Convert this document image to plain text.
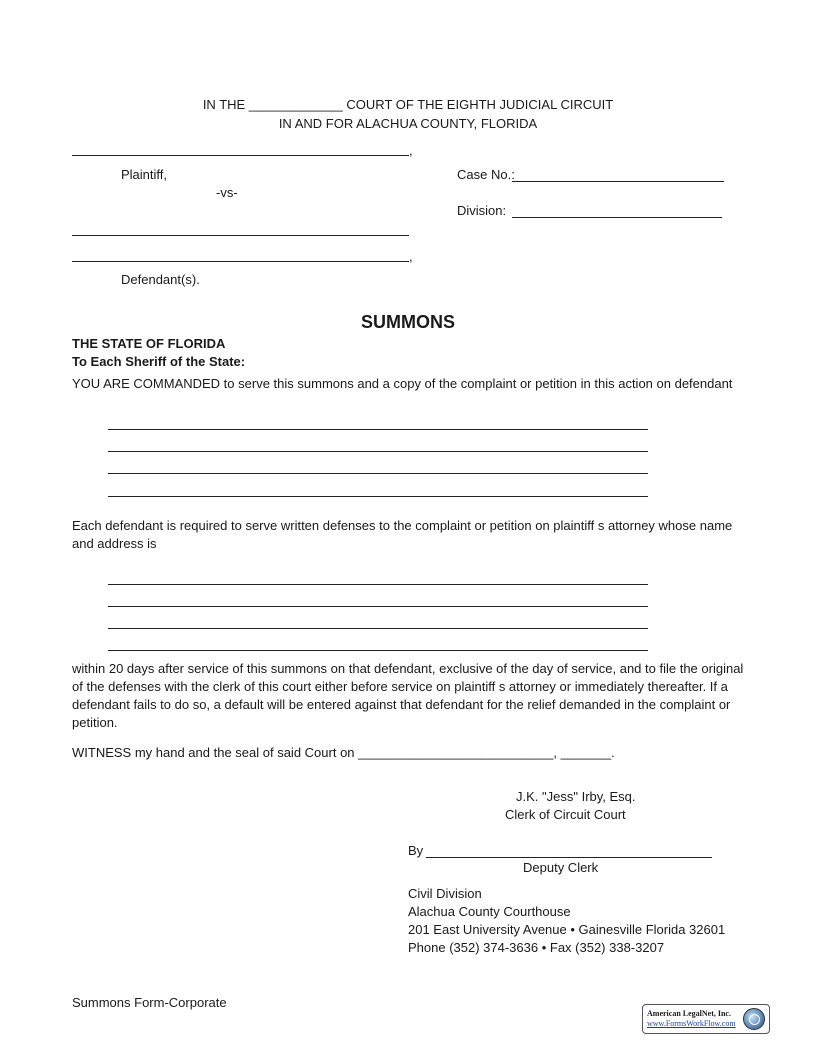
IN THE _____________ COURT OF THE EIGHTH JUDICIAL CIRCUIT
IN AND FOR ALACHUA COUNTY, FLORIDA
,
Plaintiff,
-vs-
Case No.:
Division:
,
Defendant(s).
SUMMONS
THE STATE OF FLORIDA
To Each Sheriff of the State:
YOU ARE COMMANDED to serve this summons and a copy of the complaint or petition in this action on defendant
Each defendant is required to serve written defenses to the complaint or petition on plaintiff s attorney whose name and address is
within 20 days after service of this summons on that defendant, exclusive of the day of service, and to file the original of the defenses with the clerk of this court either before service on plaintiff s attorney or immediately thereafter. If a defendant fails to do so, a default will be entered against that defendant for the relief demanded in the complaint or petition.
WITNESS my hand and the seal of said Court on ___________________________, _______.
J.K. "Jess" Irby, Esq.
Clerk of Circuit Court
By
Deputy Clerk
Civil Division
Alachua County Courthouse
201 East University Avenue • Gainesville Florida 32601
Phone (352) 374-3636 • Fax (352) 338-3207
Summons Form-Corporate
American LegalNet, Inc.
www.FormsWorkFlow.com
